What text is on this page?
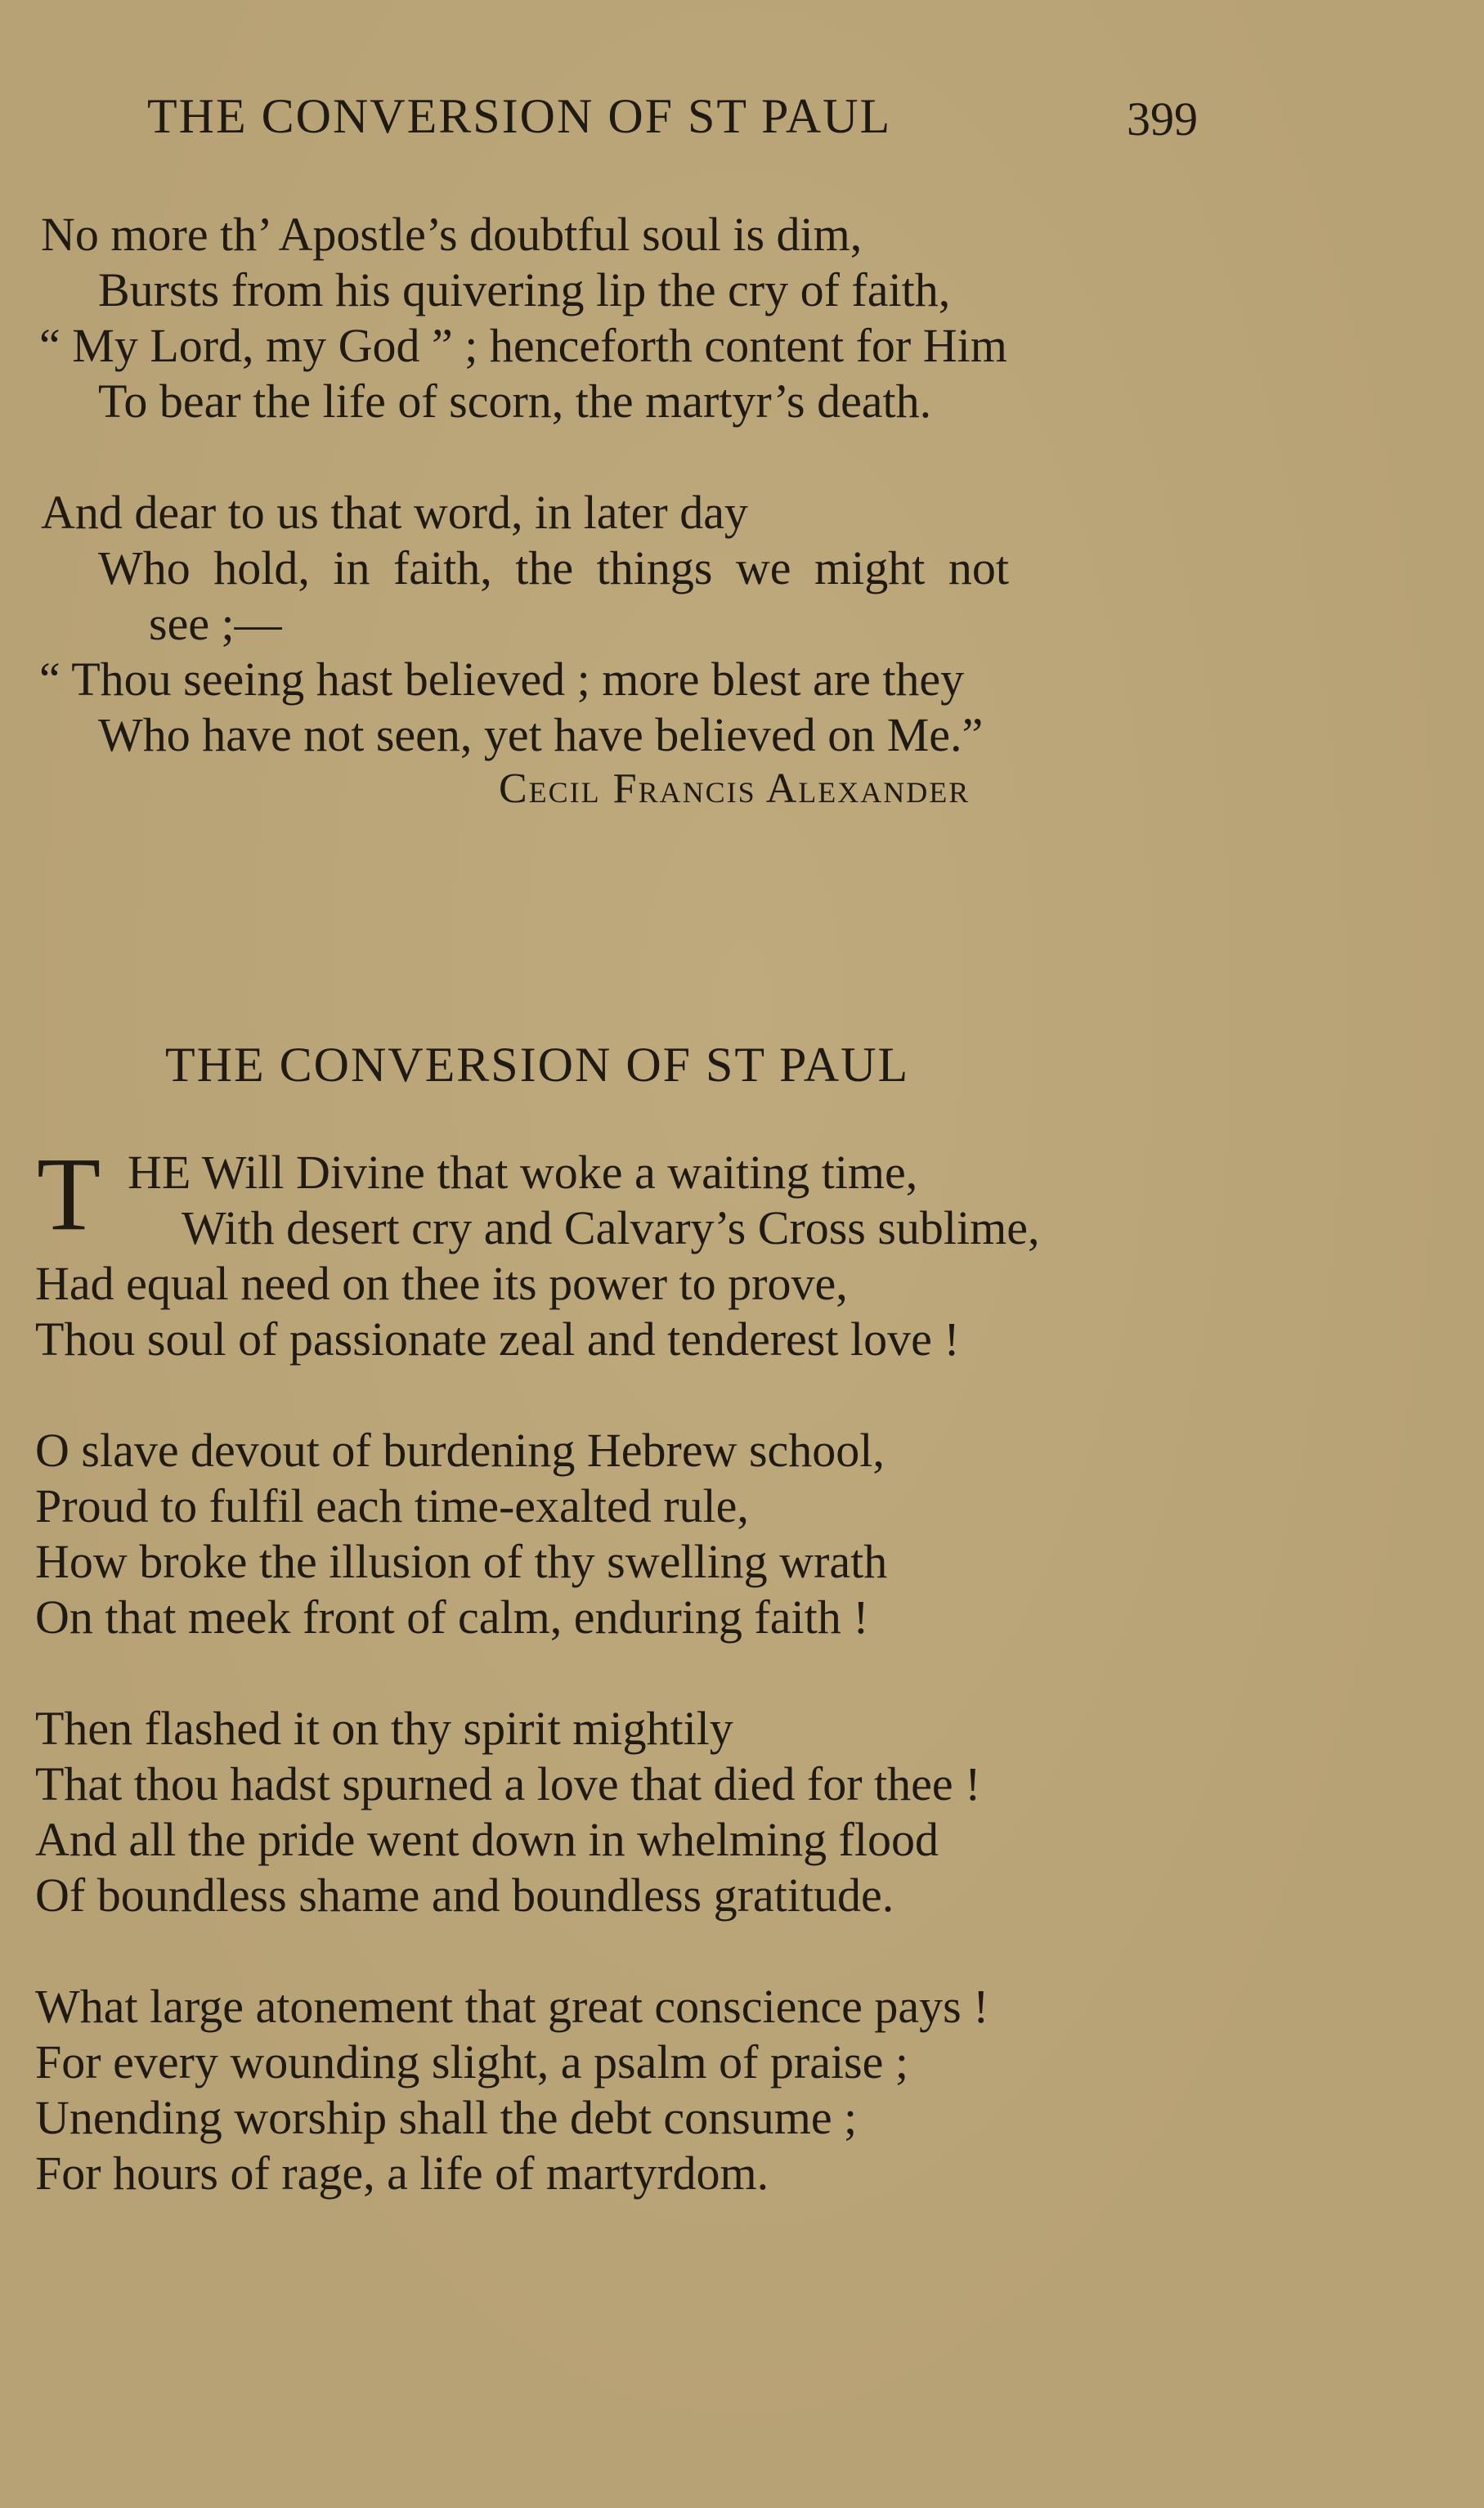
THE CONVERSION OF ST PAUL	399
No more th’ Apostle’s doubtful soul is dim,
Bursts from his quivering lip the cry of faith,
“ My Lord, my God ” ; henceforth content for Him
To bear the life of scorn, the martyr’s death.
And dear to us that word, in later day
Who hold, in faith, the things we might not
see ;—
“ Thou seeing hast believed ; more blest are they
Who have not seen, yet have believed on Me.”
Cecil Francis Alexander
THE CONVERSION OF ST PAUL
T HE Will Divine that woke a waiting time,
With desert cry and Calvary’s Cross sublime,
Had equal need on thee its power to prove,
Thou soul of passionate zeal and tenderest love !
O slave devout of burdening Hebrew school,
Proud to fulfil each time-exalted rule,
How broke the illusion of thy swelling wrath
On that meek front of calm, enduring faith !
Then flashed it on thy spirit mightily
That thou hadst spurned a love that died for thee !
And all the pride went down in whelming flood
Of boundless shame and boundless gratitude.
What large atonement that great conscience pays !
For every wounding slight, a psalm of praise ;
Unending worship shall the debt consume ;
For hours of rage, a life of martyrdom.
